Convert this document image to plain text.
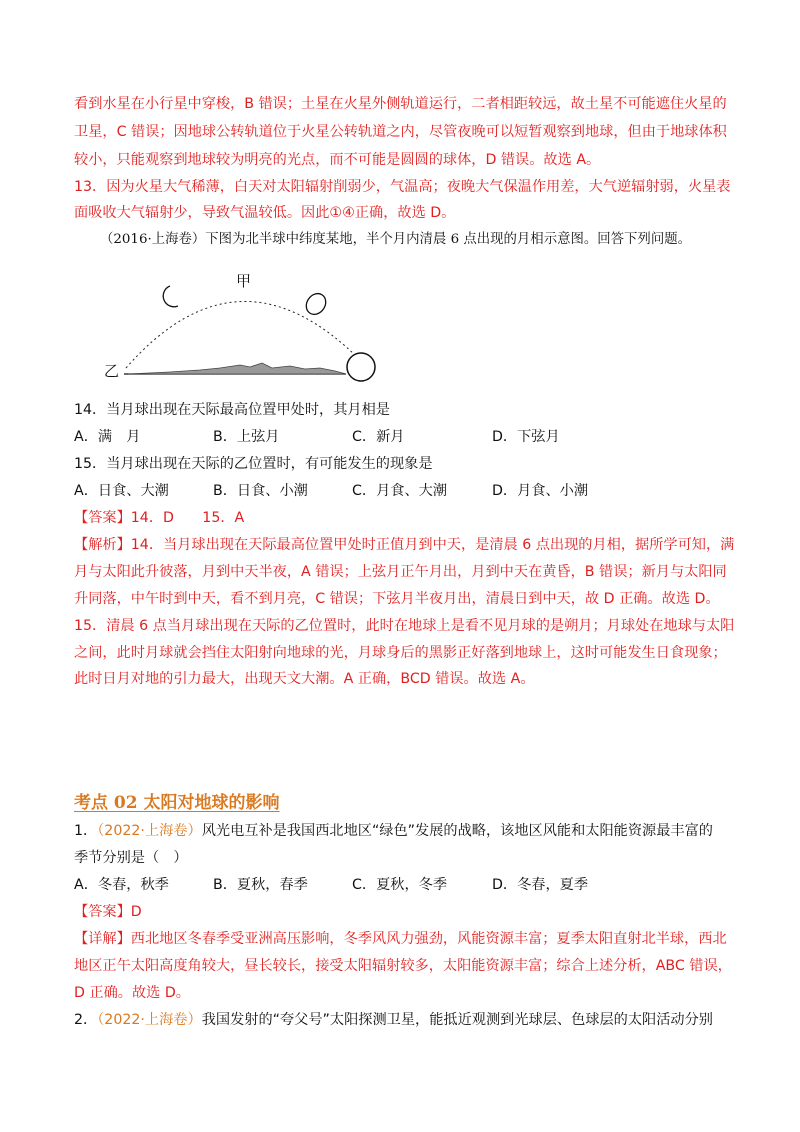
看到水星在小行星中穿梭，B 错误；土星在火星外侧轨道运行，二者相距较远，故土星不可能遮住火星的
卫星，C 错误；因地球公转轨道位于火星公转轨道之内，尽管夜晚可以短暂观察到地球，但由于地球体积
较小，只能观察到地球较为明亮的光点，而不可能是圆圆的球体，D 错误。故选 A。
13．因为火星大气稀薄，白天对太阳辐射削弱少，气温高；夜晚大气保温作用差，大气逆辐射弱，火星表
面吸收大气辐射少，导致气温较低。因此①④正确，故选 D。
（2016·上海卷）下图为北半球中纬度某地，半个月内清晨 6 点出现的月相示意图。回答下列问题。
甲
乙
14．当月球出现在天际最高位置甲处时，其月相是
A．满　月	B．上弦月	C．新月	D．下弦月
15．当月球出现在天际的乙位置时，有可能发生的现象是
A．日食、大潮	B．日食、小潮	C．月食、大潮	D．月食、小潮
【答案】14．D　　15．A
【解析】14．当月球出现在天际最高位置甲处时正值月到中天，是清晨 6 点出现的月相，据所学可知，满
月与太阳此升彼落，月到中天半夜，A 错误；上弦月正午月出，月到中天在黄昏，B 错误；新月与太阳同
升同落，中午时到中天，看不到月亮，C 错误；下弦月半夜月出，清晨日到中天，故 D 正确。故选 D。
15．清晨 6 点当月球出现在天际的乙位置时，此时在地球上是看不见月球的是朔月；月球处在地球与太阳
之间，此时月球就会挡住太阳射向地球的光，月球身后的黑影正好落到地球上，这时可能发生日食现象；
此时日月对地的引力最大，出现天文大潮。A 正确，BCD 错误。故选 A。
考点 02 太阳对地球的影响
1．（2022·上海卷）风光电互补是我国西北地区“绿色”发展的战略，该地区风能和太阳能资源最丰富的
季节分别是（　）
A．冬春，秋季	B．夏秋，春季	C．夏秋，冬季	D．冬春，夏季
【答案】D
【详解】西北地区冬春季受亚洲高压影响，冬季风风力强劲，风能资源丰富；夏季太阳直射北半球，西北
地区正午太阳高度角较大，昼长较长，接受太阳辐射较多，太阳能资源丰富；综合上述分析，ABC 错误，
D 正确。故选 D。
2．（2022·上海卷）我国发射的“夸父号”太阳探测卫星，能抵近观测到光球层、色球层的太阳活动分别
